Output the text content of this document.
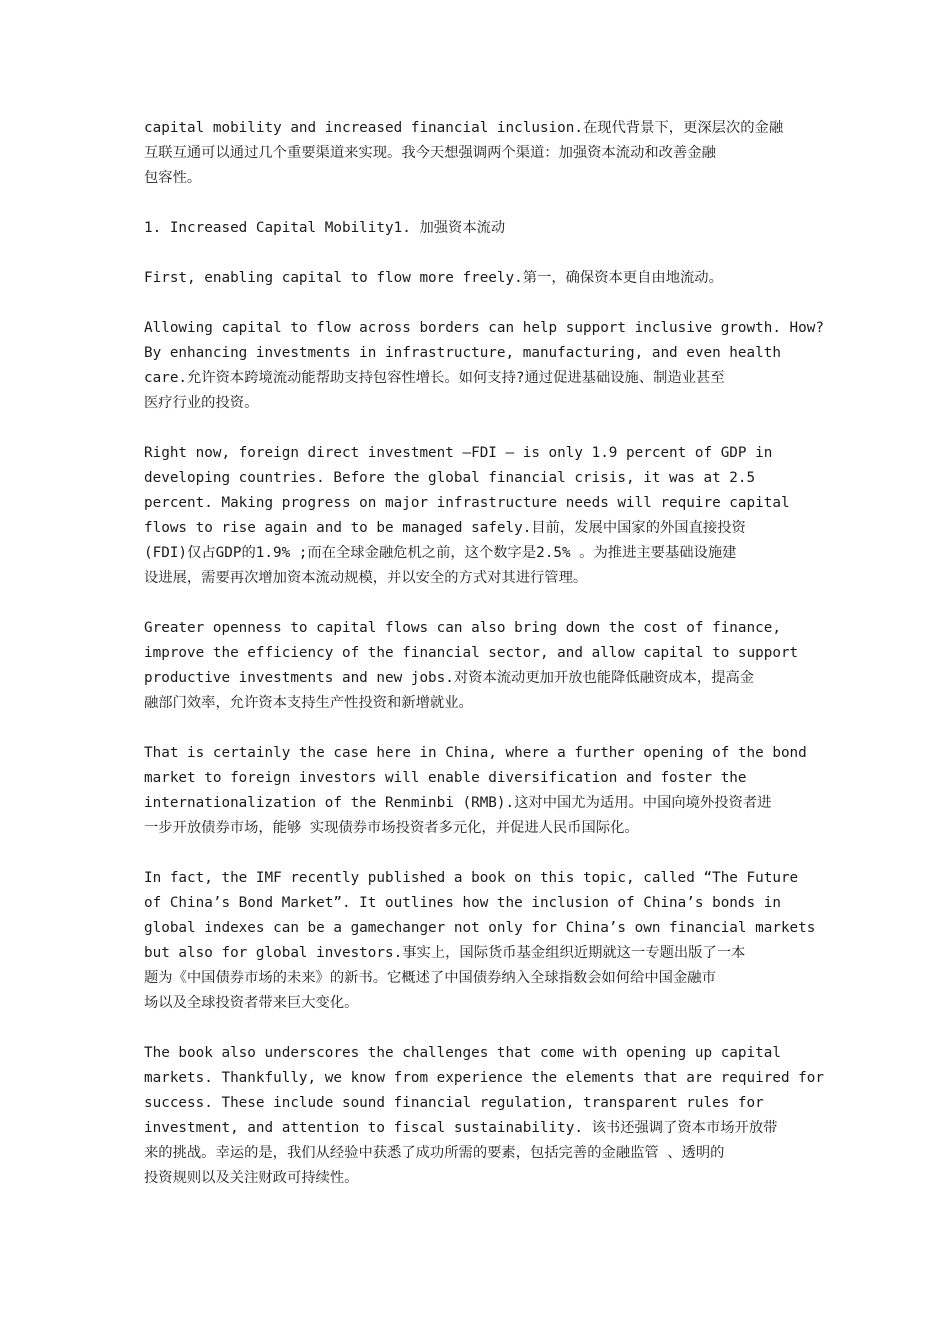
capital mobility and increased financial inclusion.在现代背景下，更深层次的金融
互联互通可以通过几个重要渠道来实现。我今天想强调两个渠道：加强资本流动和改善金融
包容性。

1. Increased Capital Mobility1. 加强资本流动

First, enabling capital to flow more freely.第一，确保资本更自由地流动。

Allowing capital to flow across borders can help support inclusive growth. How?
By enhancing investments in infrastructure, manufacturing, and even health
care.允许资本跨境流动能帮助支持包容性增长。如何支持?通过促进基础设施、制造业甚至
医疗行业的投资。

Right now, foreign direct investment —FDI — is only 1.9 percent of GDP in
developing countries. Before the global financial crisis, it was at 2.5
percent. Making progress on major infrastructure needs will require capital
flows to rise again and to be managed safely.目前，发展中国家的外国直接投资
(FDI)仅占GDP的1.9% ;而在全球金融危机之前，这个数字是2.5% 。为推进主要基础设施建
设进展，需要再次增加资本流动规模，并以安全的方式对其进行管理。

Greater openness to capital flows can also bring down the cost of finance,
improve the efficiency of the financial sector, and allow capital to support
productive investments and new jobs.对资本流动更加开放也能降低融资成本，提高金
融部门效率，允许资本支持生产性投资和新增就业。

That is certainly the case here in China, where a further opening of the bond
market to foreign investors will enable diversification and foster the
internationalization of the Renminbi (RMB).这对中国尤为适用。中国向境外投资者进
一步开放债券市场，能够 实现债券市场投资者多元化，并促进人民币国际化。

In fact, the IMF recently published a book on this topic, called “The Future
of China’s Bond Market”. It outlines how the inclusion of China’s bonds in
global indexes can be a gamechanger not only for China’s own financial markets
but also for global investors.事实上，国际货币基金组织近期就这一专题出版了一本
题为《中国债券市场的未来》的新书。它概述了中国债券纳入全球指数会如何给中国金融市
场以及全球投资者带来巨大变化。

The book also underscores the challenges that come with opening up capital
markets. Thankfully, we know from experience the elements that are required for
success. These include sound financial regulation, transparent rules for
investment, and attention to fiscal sustainability. 该书还强调了资本市场开放带
来的挑战。幸运的是，我们从经验中获悉了成功所需的要素，包括完善的金融监管 、透明的
投资规则以及关注财政可持续性。
